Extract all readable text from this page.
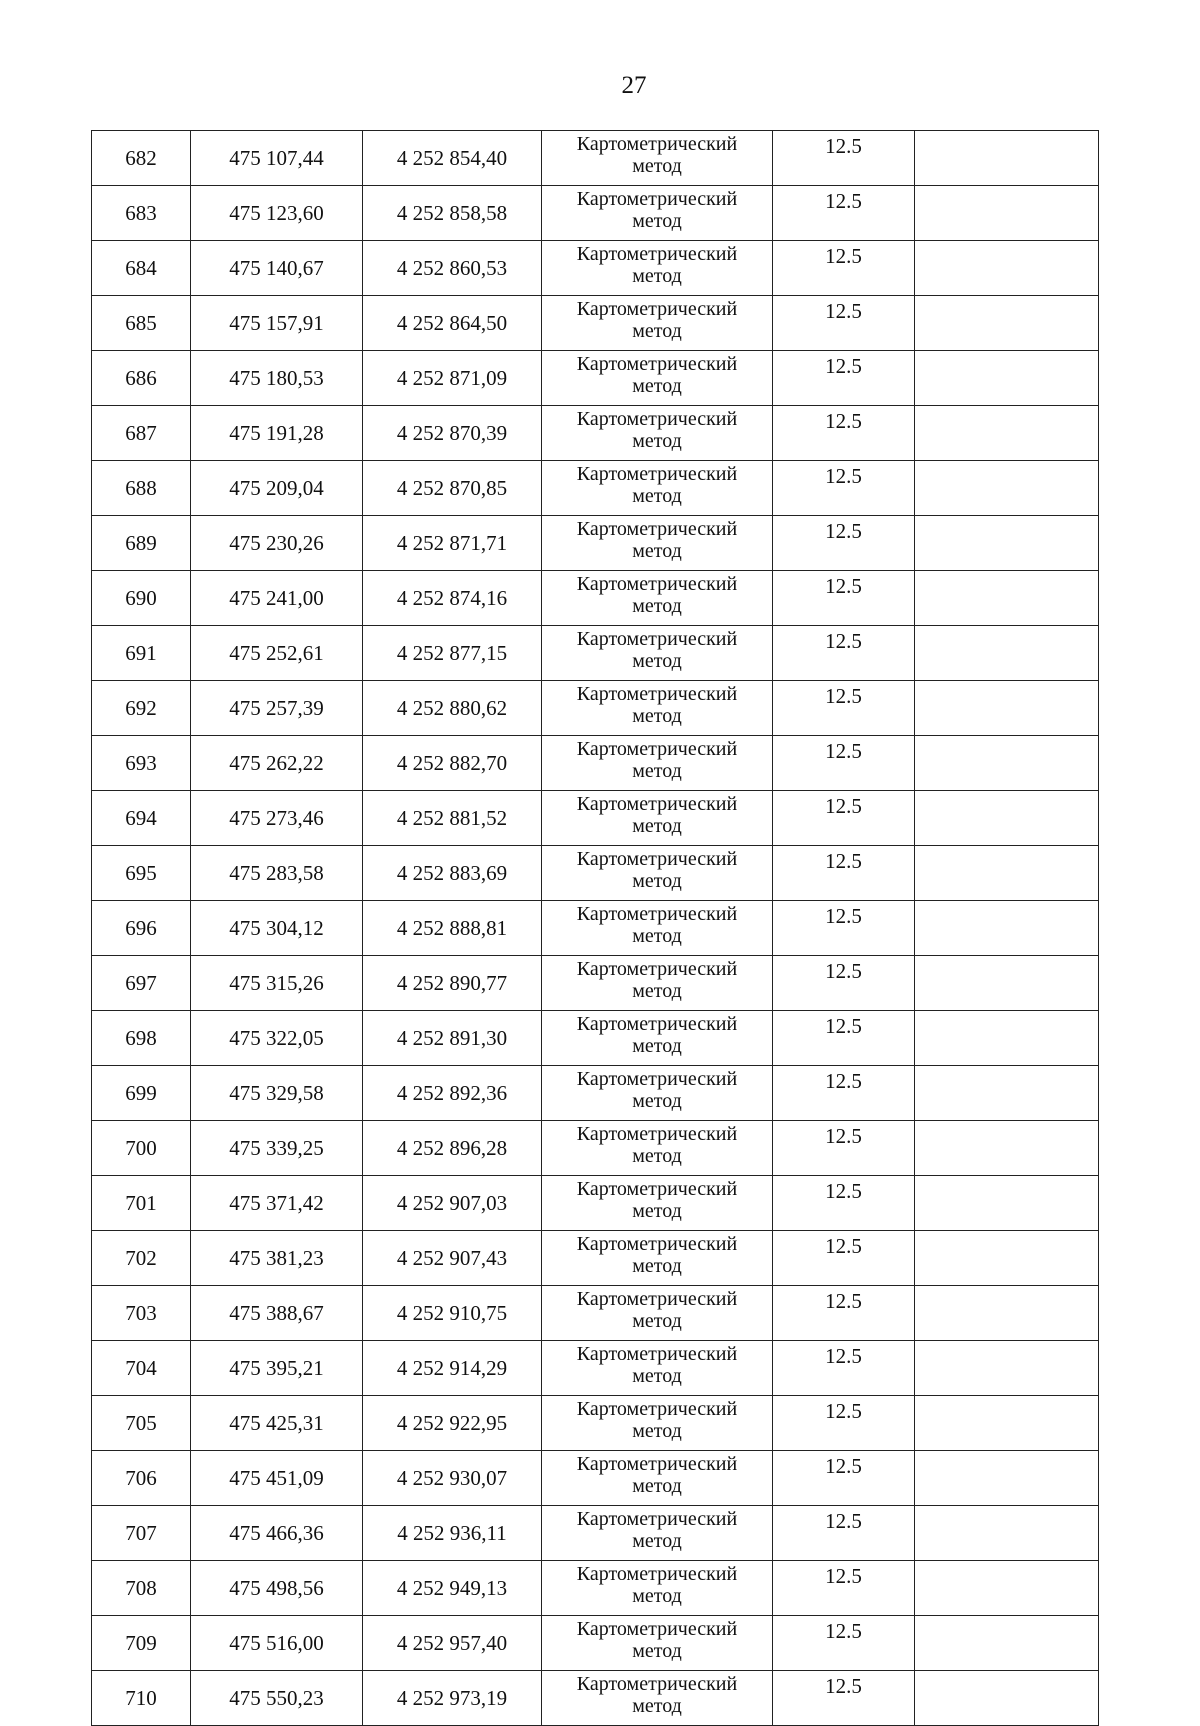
27
682	475 107,44	4 252 854,40	Картометрический
метод	12.5	
683	475 123,60	4 252 858,58	Картометрический
метод	12.5	
684	475 140,67	4 252 860,53	Картометрический
метод	12.5	
685	475 157,91	4 252 864,50	Картометрический
метод	12.5	
686	475 180,53	4 252 871,09	Картометрический
метод	12.5	
687	475 191,28	4 252 870,39	Картометрический
метод	12.5	
688	475 209,04	4 252 870,85	Картометрический
метод	12.5	
689	475 230,26	4 252 871,71	Картометрический
метод	12.5	
690	475 241,00	4 252 874,16	Картометрический
метод	12.5	
691	475 252,61	4 252 877,15	Картометрический
метод	12.5	
692	475 257,39	4 252 880,62	Картометрический
метод	12.5	
693	475 262,22	4 252 882,70	Картометрический
метод	12.5	
694	475 273,46	4 252 881,52	Картометрический
метод	12.5	
695	475 283,58	4 252 883,69	Картометрический
метод	12.5	
696	475 304,12	4 252 888,81	Картометрический
метод	12.5	
697	475 315,26	4 252 890,77	Картометрический
метод	12.5	
698	475 322,05	4 252 891,30	Картометрический
метод	12.5	
699	475 329,58	4 252 892,36	Картометрический
метод	12.5	
700	475 339,25	4 252 896,28	Картометрический
метод	12.5	
701	475 371,42	4 252 907,03	Картометрический
метод	12.5	
702	475 381,23	4 252 907,43	Картометрический
метод	12.5	
703	475 388,67	4 252 910,75	Картометрический
метод	12.5	
704	475 395,21	4 252 914,29	Картометрический
метод	12.5	
705	475 425,31	4 252 922,95	Картометрический
метод	12.5	
706	475 451,09	4 252 930,07	Картометрический
метод	12.5	
707	475 466,36	4 252 936,11	Картометрический
метод	12.5	
708	475 498,56	4 252 949,13	Картометрический
метод	12.5	
709	475 516,00	4 252 957,40	Картометрический
метод	12.5	
710	475 550,23	4 252 973,19	Картометрический
метод	12.5	
